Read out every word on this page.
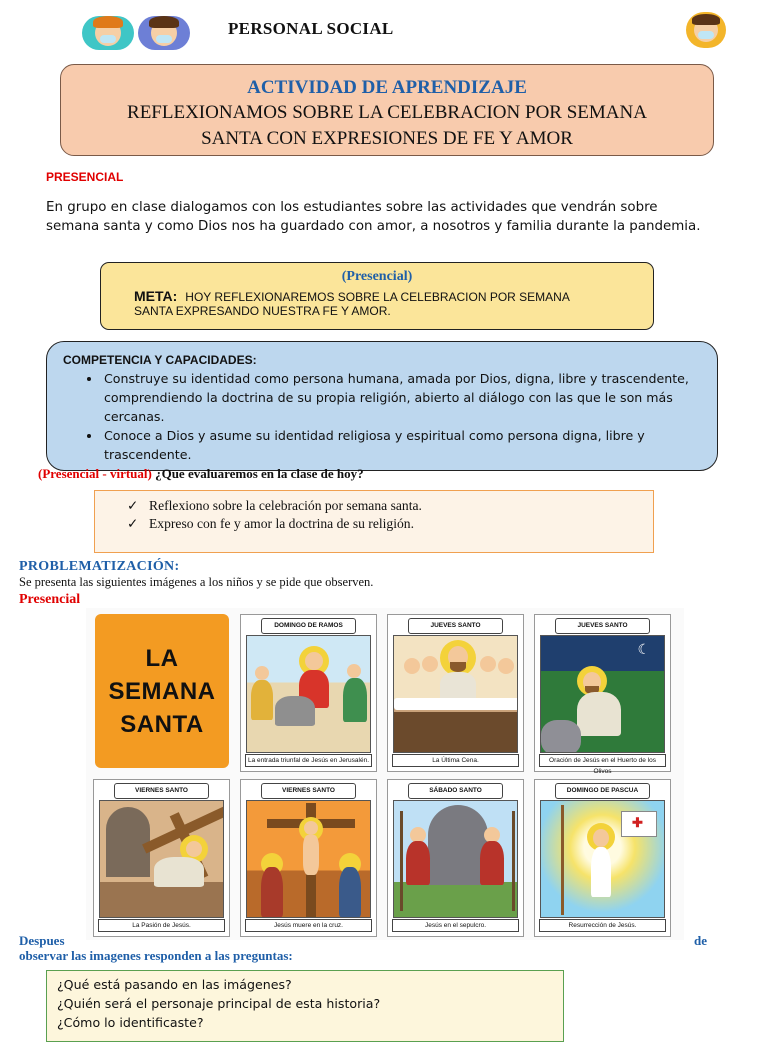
PERSONAL SOCIAL
ACTIVIDAD DE APRENDIZAJE
REFLEXIONAMOS SOBRE LA CELEBRACION POR SEMANA
SANTA CON EXPRESIONES DE FE Y AMOR
PRESENCIAL
En grupo en clase dialogamos con los estudiantes sobre las actividades que vendrán sobre semana santa y como Dios nos ha guardado con amor, a nosotros y familia durante la pandemia.
(Presencial)
META: HOY REFLEXIONAREMOS SOBRE LA CELEBRACION POR SEMANA
SANTA EXPRESANDO NUESTRA FE Y AMOR.
COMPETENCIA Y CAPACIDADES:
• Construye su identidad como persona humana, amada por Dios, digna, libre y trascendente, comprendiendo la doctrina de su propia religión, abierto al diálogo con las que le son más cercanas.
• Conoce a Dios y asume su identidad religiosa y espiritual como persona digna, libre y trascendente.
(Presencial - virtual) ¿Que evaluaremos en la clase de hoy?
✓ Reflexiono sobre la celebración por semana santa.
✓ Expreso con fe y amor la doctrina de su religión.
PROBLEMATIZACIÓN:
Se presenta las siguientes imágenes a los niños y se pide que observen.
Presencial
LA
SEMANA
SANTA
DOMINGO DE RAMOS
La entrada triunfal de Jesús en Jerusalén.
JUEVES SANTO
La Última Cena.
JUEVES SANTO
☾
Oración de Jesús en el Huerto de los Olivos
VIERNES SANTO
La Pasión de Jesús.
VIERNES SANTO
Jesús muere en la cruz.
SÁBADO SANTO
Jesús en el sepulcro.
DOMINGO DE PASCUA
✚
Resurrección de Jesús.
Despues	de
observar las imagenes responden a las preguntas:
¿Qué está pasando en las imágenes?
¿Quién será el personaje principal de esta historia?
¿Cómo lo identificaste?
